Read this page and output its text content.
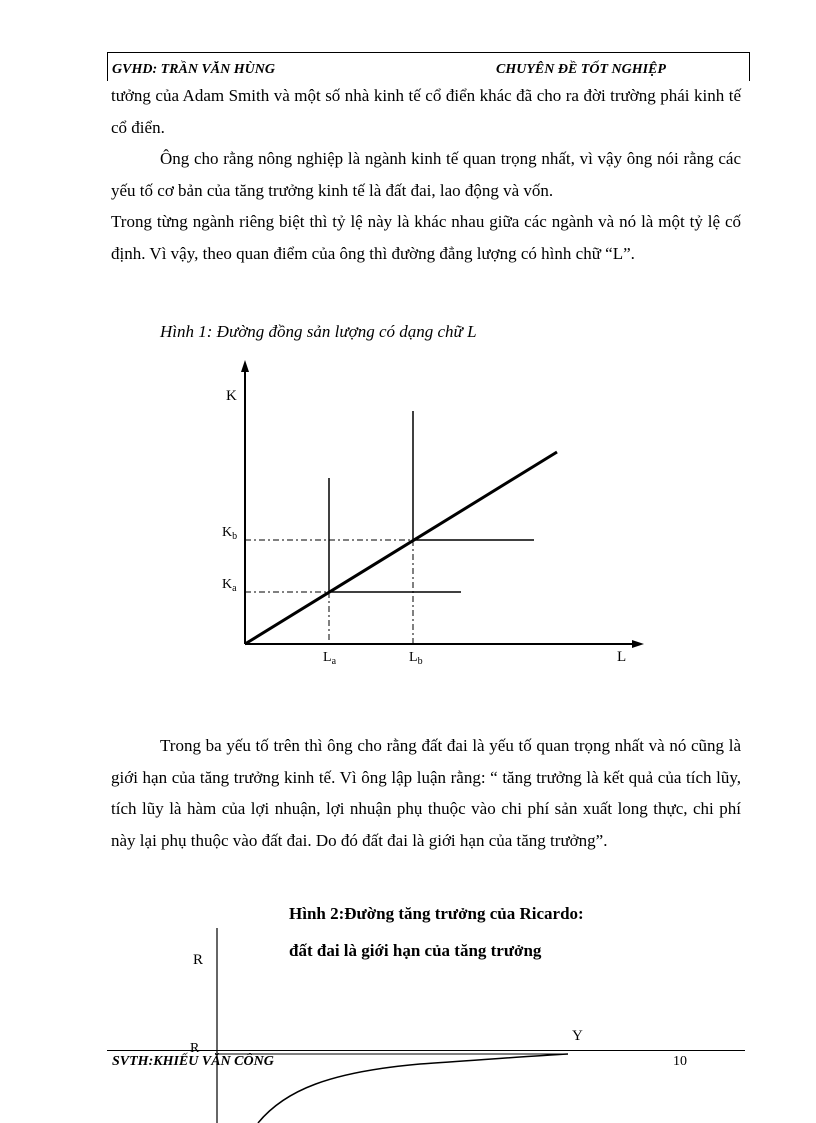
GVHD: TRẦN VĂN HÙNG	CHUYÊN ĐỀ TỐT NGHIỆP

tưởng của Adam Smith và một số nhà kinh tế cổ điển khác đã cho ra đời trường phái kinh tế cổ điển.

Ông cho rằng nông nghiệp là ngành kinh tế quan trọng nhất, vì vậy ông nói rằng các yếu tố cơ bản của tăng trưởng kinh tế là đất đai, lao động và vốn.

Trong từng ngành riêng biệt thì tỷ lệ này là khác nhau giữa các ngành và nó là một tỷ lệ cố định. Vì vậy, theo quan điểm của ông thì đường đẳng lượng có hình chữ “L”.

Hình 1: Đường đồng sản lượng có dạng chữ L
K
$K_b$
$K_a$
$L_a$	$L_b$	L
R
R
Y

Trong ba yếu tố trên thì ông cho rằng đất đai là yếu tố quan trọng nhất và nó cũng là giới hạn của tăng trưởng kinh tế. Vì ông lập luận rằng: “ tăng trưởng là kết quả của tích lũy, tích lũy là hàm của lợi nhuận, lợi nhuận phụ thuộc vào chi phí sản xuất long thực, chi phí này lại phụ thuộc vào đất đai. Do đó đất đai là giới hạn của tăng trưởng”.

Hình 2:Đường tăng trưởng của Ricardo:
đất đai là giới hạn của tăng trưởng
SVTH:KHIẾU VĂN CÔNG	10
